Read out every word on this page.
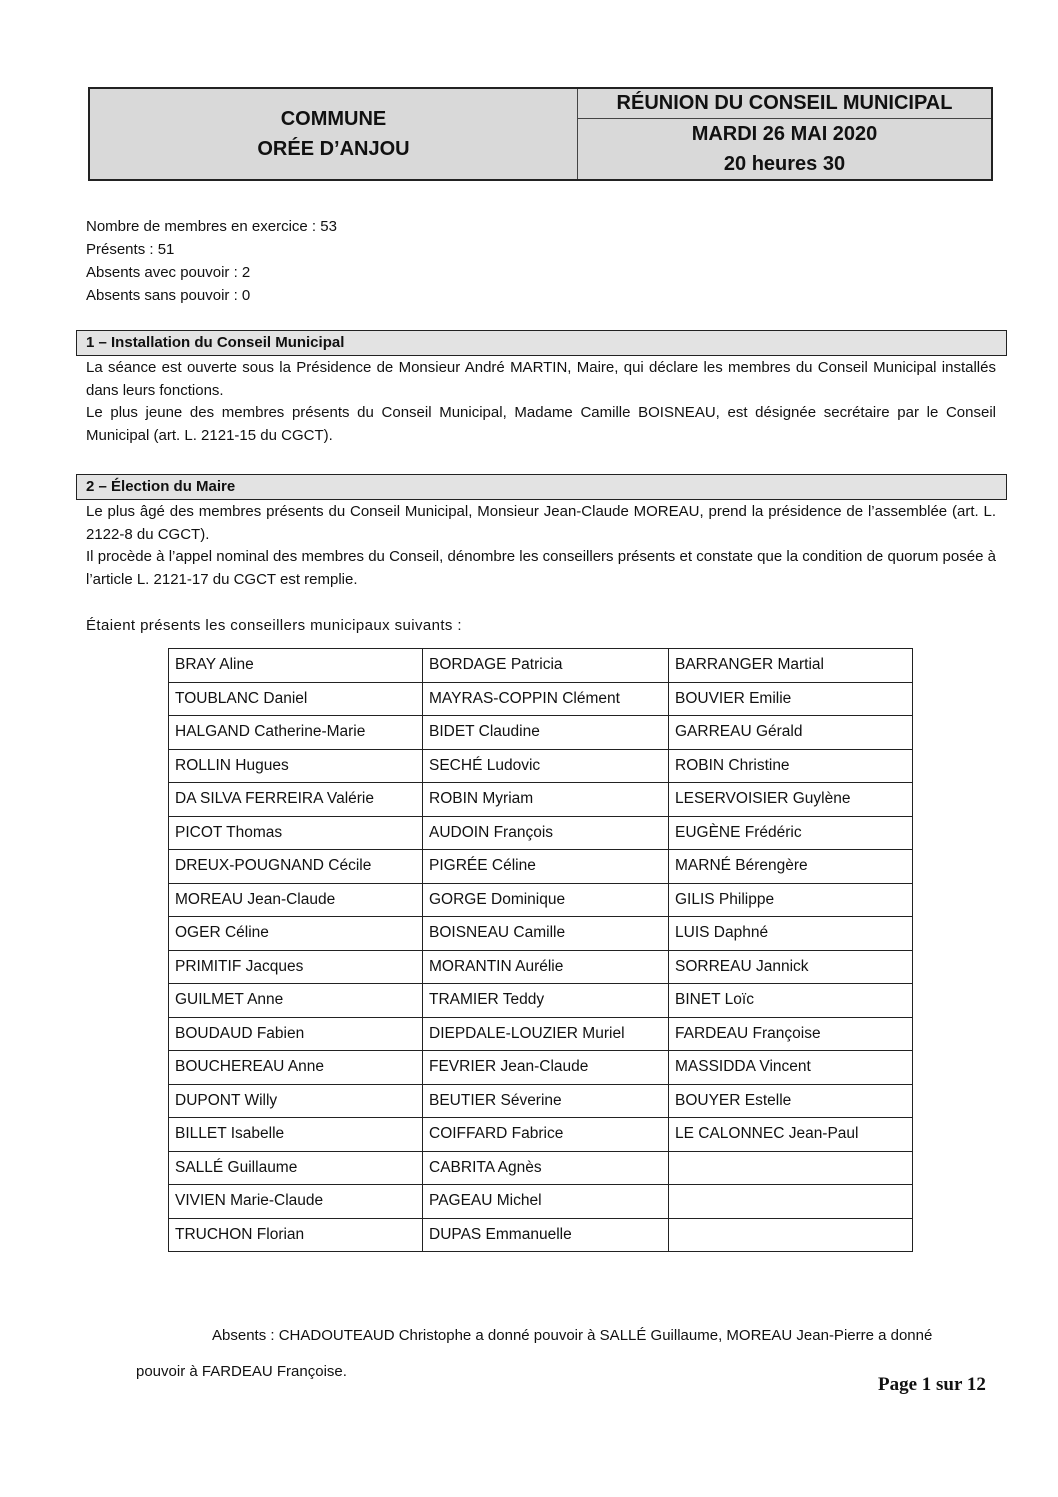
COMMUNE
ORÉE D’ANJOU
RÉUNION DU CONSEIL MUNICIPAL
MARDI 26 MAI 2020
20 heures 30
Nombre de membres en exercice : 53
Présents : 51
Absents avec pouvoir : 2
Absents sans pouvoir : 0
1 – Installation du Conseil Municipal

La séance est ouverte sous la Présidence de Monsieur André MARTIN, Maire, qui déclare les membres du Conseil Municipal installés dans leurs fonctions.

Le plus jeune des membres présents du Conseil Municipal, Madame Camille BOISNEAU, est désignée secrétaire par le Conseil Municipal (art. L. 2121-15 du CGCT).

2 – Élection du Maire

Le plus âgé des membres présents du Conseil Municipal, Monsieur Jean-Claude MOREAU, prend la présidence de l’assemblée (art. L. 2122-8 du CGCT).

Il procède à l’appel nominal des membres du Conseil, dénombre les conseillers présents et constate que la condition de quorum posée à l’article L. 2121-17 du CGCT est remplie.

Étaient présents les conseillers municipaux suivants :
BRAY Aline	BORDAGE Patricia	BARRANGER Martial
TOUBLANC Daniel	MAYRAS-COPPIN Clément	BOUVIER Emilie
HALGAND Catherine-Marie	BIDET Claudine	GARREAU Gérald
ROLLIN Hugues	SECHÉ Ludovic	ROBIN Christine
DA SILVA FERREIRA Valérie	ROBIN Myriam	LESERVOISIER Guylène
PICOT Thomas	AUDOIN François	EUGÈNE Frédéric
DREUX-POUGNAND Cécile	PIGRÉE Céline	MARNÉ Bérengère
MOREAU Jean-Claude	GORGE Dominique	GILIS Philippe
OGER Céline	BOISNEAU Camille	LUIS Daphné
PRIMITIF Jacques	MORANTIN Aurélie	SORREAU Jannick
GUILMET Anne	TRAMIER Teddy	BINET Loïc
BOUDAUD Fabien	DIEPDALE-LOUZIER Muriel	FARDEAU Françoise
BOUCHEREAU Anne	FEVRIER Jean-Claude	MASSIDDA Vincent
DUPONT Willy	BEUTIER Séverine	BOUYER Estelle
BILLET Isabelle	COIFFARD Fabrice	LE CALONNEC Jean-Paul
SALLÉ Guillaume	CABRITA Agnès	
VIVIEN Marie-Claude	PAGEAU Michel	
TRUCHON Florian	DUPAS Emmanuelle	
Absents : CHADOUTEAUD Christophe a donné pouvoir à SALLÉ Guillaume, MOREAU Jean-Pierre a donné pouvoir à FARDEAU Françoise.
Page 1 sur 12
